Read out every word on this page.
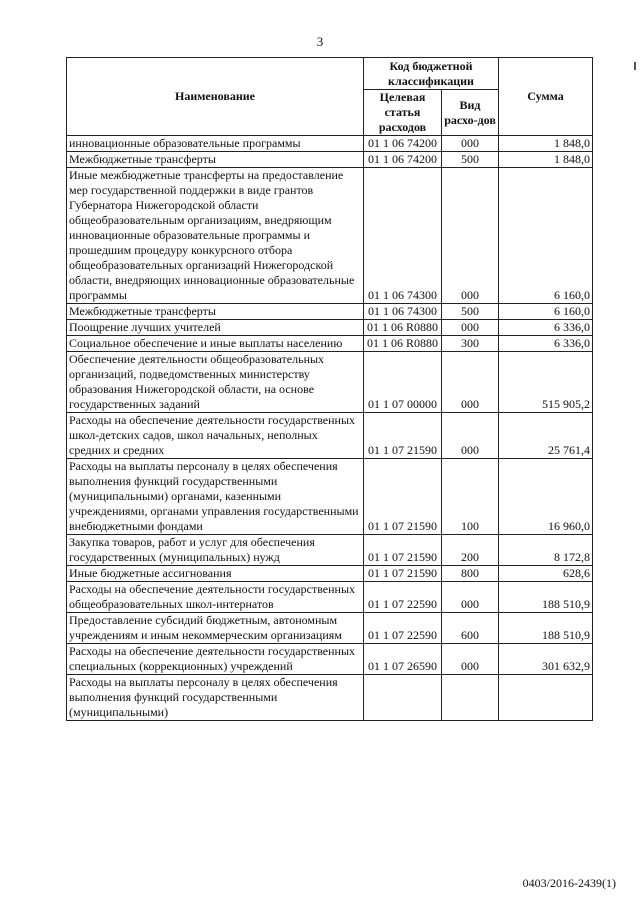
3
Наименование	Код бюджетной классификации		Сумма
	Целевая статья расходов	Вид расхо-дов	
инновационные образовательные программы	01 1 06 74200	000	1 848,0
Межбюджетные трансферты	01 1 06 74200	500	1 848,0
Иные межбюджетные трансферты на предоставление мер государственной поддержки в виде грантов Губернатора Нижегородской области общеобразовательным организациям, внедряющим инновационные образовательные программы и прошедшим процедуру конкурсного отбора общеобразовательных организаций Нижегородской области, внедряющих инновационные образовательные программы	01 1 06 74300	000	6 160,0
Межбюджетные трансферты	01 1 06 74300	500	6 160,0
Поощрение лучших учителей	01 1 06 R0880	000	6 336,0
Социальное обеспечение и иные выплаты населению	01 1 06 R0880	300	6 336,0
Обеспечение деятельности общеобразовательных организаций, подведомственных министерству образования Нижегородской области, на основе государственных заданий	01 1 07 00000	000	515 905,2
Расходы на обеспечение деятельности государственных школ-детских садов, школ начальных, неполных средних и средних	01 1 07 21590	000	25 761,4
Расходы на выплаты персоналу в целях обеспечения выполнения функций государственными (муниципальными) органами, казенными учреждениями, органами управления государственными внебюджетными фондами	01 1 07 21590	100	16 960,0
Закупка товаров, работ и услуг для обеспечения государственных (муниципальных) нужд	01 1 07 21590	200	8 172,8
Иные бюджетные ассигнования	01 1 07 21590	800	628,6
Расходы на обеспечение деятельности государственных общеобразовательных школ-интернатов	01 1 07 22590	000	188 510,9
Предоставление субсидий бюджетным, автономным учреждениям и иным некоммерческим организациям	01 1 07 22590	600	188 510,9
Расходы на обеспечение деятельности государственных специальных (коррекционных) учреждений	01 1 07 26590	000	301 632,9
Расходы на выплаты персоналу в целях обеспечения выполнения функций государственными (муниципальными)			
0403/2016-2439(1)
